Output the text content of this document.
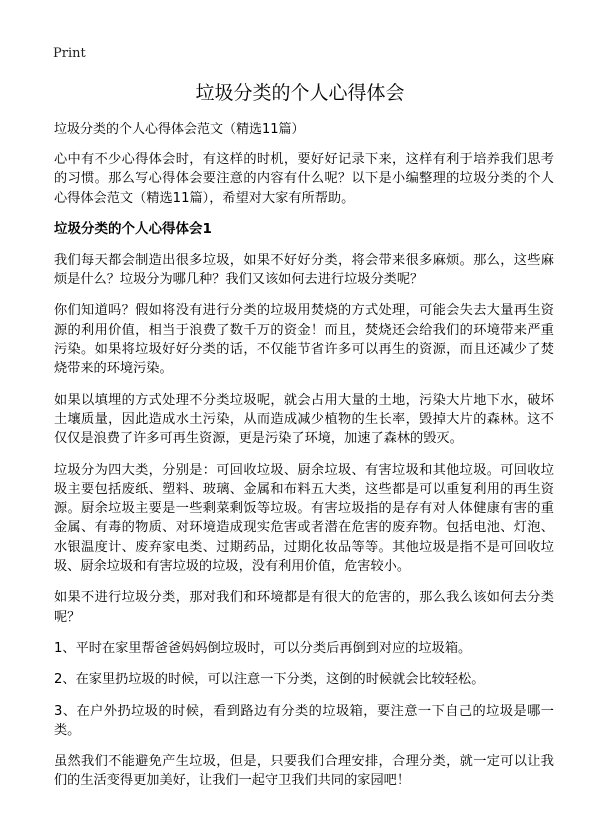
Print
垃圾分类的个人心得体会
垃圾分类的个人心得体会范文（精选11篇）

心中有不少心得体会时，有这样的时机，要好好记录下来，这样有利于培养我们思考的习惯。那么写心得体会要注意的内容有什么呢？以下是小编整理的垃圾分类的个人心得体会范文（精选11篇），希望对大家有所帮助。

垃圾分类的个人心得体会1

我们每天都会制造出很多垃圾，如果不好好分类，将会带来很多麻烦。那么，这些麻烦是什么？垃圾分为哪几种？我们又该如何去进行垃圾分类呢？

你们知道吗？假如将没有进行分类的垃圾用焚烧的方式处理，可能会失去大量再生资源的利用价值，相当于浪费了数千万的资金！而且，焚烧还会给我们的环境带来严重污染。如果将垃圾好好分类的话，不仅能节省许多可以再生的资源，而且还减少了焚烧带来的环境污染。

如果以填埋的方式处理不分类垃圾呢，就会占用大量的土地，污染大片地下水，破坏土壤质量，因此造成水土污染，从而造成减少植物的生长率，毁掉大片的森林。这不仅仅是浪费了许多可再生资源，更是污染了环境，加速了森林的毁灭。

垃圾分为四大类，分别是：可回收垃圾、厨余垃圾、有害垃圾和其他垃圾。可回收垃圾主要包括废纸、塑料、玻璃、金属和布料五大类，这些都是可以重复利用的再生资源。厨余垃圾主要是一些剩菜剩饭等垃圾。有害垃圾指的是存有对人体健康有害的重金属、有毒的物质、对环境造成现实危害或者潜在危害的废弃物。包括电池、灯泡、水银温度计、废弃家电类、过期药品，过期化妆品等等。其他垃圾是指不是可回收垃圾、厨余垃圾和有害垃圾的垃圾，没有利用价值，危害较小。

如果不进行垃圾分类，那对我们和环境都是有很大的危害的，那么我么该如何去分类呢？

1、平时在家里帮爸爸妈妈倒垃圾时，可以分类后再倒到对应的垃圾箱。

2、在家里扔垃圾的时候，可以注意一下分类，这倒的时候就会比较轻松。

3、在户外扔垃圾的时候，看到路边有分类的垃圾箱，要注意一下自己的垃圾是哪一类。

虽然我们不能避免产生垃圾，但是，只要我们合理安排，合理分类，就一定可以让我们的生活变得更加美好，让我们一起守卫我们共同的家园吧！
